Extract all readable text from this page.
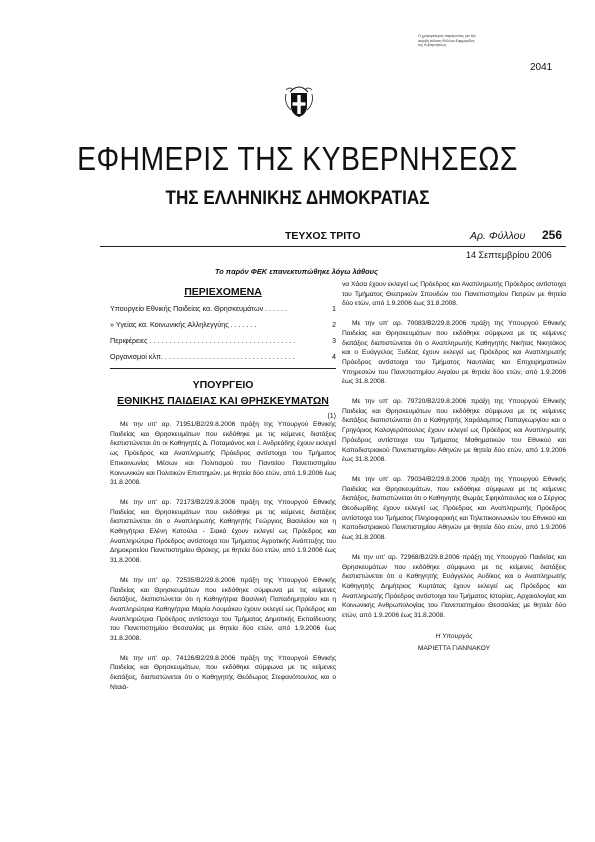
Ο χρησιμότερος παράγοντας για την ακριβή έκδοση Φύλλου Εφημερίδος της Κυβερνήσεως
2041
ΕΦΗΜΕΡΙΣ ΤΗΣ ΚΥΒΕΡΝΗΣΕΩΣ
ΤΗΣ ΕΛΛΗΝΙΚΗΣ ΔΗΜΟΚΡΑΤΙΑΣ
ΤΕΥΧΟΣ ΤΡΙΤΟ	Αρ. Φύλλου 256
14 Σεπτεμβρίου 2006
Το παρόν ΦΕΚ επανεκτυπώθηκε λόγω λάθους
ΠΕΡΙΕΧΟΜΕΝΑ
1
Υπουργείο Εθνικής Παιδείας κα. Θρησκευμάτων . . . . . .
2
» Υγείας κα. Κοινωνικής Αλληλεγγύης . . . . . . .
3
Περιφέρειες . . . . . . . . . . . . . . . . . . . . . . . . . . . . . . . . . . . . .
4
Οργανισμοί κλπ. . . . . . . . . . . . . . . . . . . . . . . . . . . . . . . . . .
ΥΠΟΥΡΓΕΙΟ
ΕΘΝΙΚΗΣ ΠΑΙΔΕΙΑΣ ΚΑΙ ΘΡΗΣΚΕΥΜΑΤΩΝ
(1)

Με την υπ' αρ. 71951/Β2/29.8.2006 πράξη της Υπουργού Εθνικής Παιδείας και Θρησκευμάτων που εκδόθηκε με τις κείμενες διατάξεις διαπιστώνεται ότι οι Καθηγητές Δ. Ποταμιάνος και Ι. Ανδρεάδης έχουν εκλεγεί ως Πρόεδρος και Αναπληρωτής Πρόεδρος αντίστοιχα του Τμήματος Επικοινωνίας Μέσων και Πολιτισμού του Παντείου Πανεπιστημίου Κοινωνικών και Πολιτικών Επιστημών, με θητεία δύο ετών, από 1.9.2006 έως 31.8.2008.

Με την υπ' αρ. 72173/Β2/29.8.2006 πράξη της Υπουργού Εθνικής Παιδείας και Θρησκευμάτων που εκδόθηκε με τις κείμενες διατάξεις διαπιστώνεται ότι ο Αναπληρωτής Καθηγητής Γεώργιος Βασιλείου και η Καθηγήτρια Ελένη Κατούλα - Σιακά έχουν εκλεγεί ως Πρόεδρος και Αναπληρώτρια Πρόεδρος αντίστοιχα του Τμήματος Αγροτικής Ανάπτυξης του Δημοκριτείου Πανεπιστημίου Θράκης, με θητεία δύο ετών, από 1.9.2006 έως 31.8.2008.

Με την υπ' αρ. 72535/Β2/29.8.2006 πράξη της Υπουργού Εθνικής Παιδείας και Θρησκευμάτων που εκδόθηκε σύμφωνα με τις κείμενες διατάξεις, διαπιστώνεται ότι η Καθηγήτρια Βασιλική Παπαδημητρίου και η Αναπληρώτρια Καθηγήτρια Μαρία Λουμάκου έχουν εκλεγεί ως Πρόεδρος και Αναπληρώτρια Πρόεδρος αντίστοιχα του Τμήματος Δημοτικής Εκπαίδευσης του Πανεπιστημίου Θεσσαλίας με θητεία δύο ετών, από 1.9.2006 έως 31.8.2008.

Με την υπ' αρ. 74126/Β2/29.8.2006 πράξη της Υπουργού Εθνικής Παιδείας και Θρησκευμάτων, που εκδόθηκε σύμφωνα με τις κείμενες διατάξεις, διαπιστώνεται ότι ο Καθηγητής Θεόδωρος Στεφανόπουλος και ο Νταιά-

να Χάσα έχουν εκλεγεί ως Πρόεδρος και Αναπληρωτής Πρόεδρος αντίστοιχα του Τμήματος Θεατρικών Σπουδών του Πανεπιστημίου Πατρών με θητεία δύο ετών, από 1.9.2006 έως 31.8.2008.

Με την υπ' αρ. 70083/Β2/29.8.2006 πράξη της Υπουργού Εθνικής Παιδείας και Θρησκευμάτων που εκδόθηκε σύμφωνα με τις κείμενες διατάξεις διαπιστώνεται ότι ο Αναπληρωτής Καθηγητής Νικήτας Νικητάκος και ο Ευάγγελος Ξυδέας έχουν εκλεγεί ως Πρόεδρος και Αναπληρωτής Πρόεδρος αντίστοιχα του Τμήματος Ναυτιλίας και Επιχειρηματικών Υπηρεσιών του Πανεπιστημίου Αιγαίου με θητεία δύο ετών, από 1.9.2006 έως 31.8.2008.

Με την υπ' αρ. 79720/Β2/29.8.2006 πράξη της Υπουργού Εθνικής Παιδείας και Θρησκευμάτων που εκδόθηκε σύμφωνα με τις κείμενες διατάξεις διαπιστώνεται ότι ο Καθηγητής Χαράλαμπος Παπαγεωργίου και ο Γρηγόριος Καλογερόπουλος έχουν εκλεγεί ως Πρόεδρος και Αναπληρωτής Πρόεδρος αντίστοιχα του Τμήματος Μαθηματικών του Εθνικού και Καποδιστριακού Πανεπιστημίου Αθηνών με θητεία δύο ετών, από 1.9.2006 έως 31.8.2008.

Με την υπ' αρ. 79034/Β2/29.8.2006 πράξη της Υπουργού Εθνικής Παιδείας και Θρησκευμάτων, που εκδόθηκε σύμφωνα με τις κείμενες διατάξεις, διαπιστώνεται ότι ο Καθηγητής Θωμάς Σφηκόπουλος και ο Σέργιος Θεοδωρίδης έχουν εκλεγεί ως Πρόεδρος και Αναπληρωτής Πρόεδρος αντίστοιχα του Τμήματος Πληροφορικής και Τηλεπικοινωνιών του Εθνικού και Καποδιστριακού Πανεπιστημίου Αθηνών με θητεία δύο ετών, από 1.9.2006 έως 31.8.2008.

Με την υπ' αρ. 72968/Β2/29.8.2006 πράξη της Υπουργού Παιδείας και Θρησκευμάτων που εκδόθηκε σύμφωνα με τις κείμενες διατάξεις διαπιστώνεται ότι ο Καθηγητής Ευάγγελος Αυδίκος και ο Αναπληρωτής Καθηγητής Δημήτριος Κυρτάτας έχουν εκλεγεί ως Πρόεδρος και Αναπληρωτής Πρόεδρος αντίστοιχα του Τμήματος Ιστορίας, Αρχαιολογίας και Κοινωνικής Ανθρωπολογίας του Πανεπιστημίου Θεσσαλίας με θητεία δύο ετών, από 1.9.2006 έως 31.8.2008.

Η Υπουργός
ΜΑΡΙΕΤΤΑ ΓΙΑΝΝΑΚΟΥ
